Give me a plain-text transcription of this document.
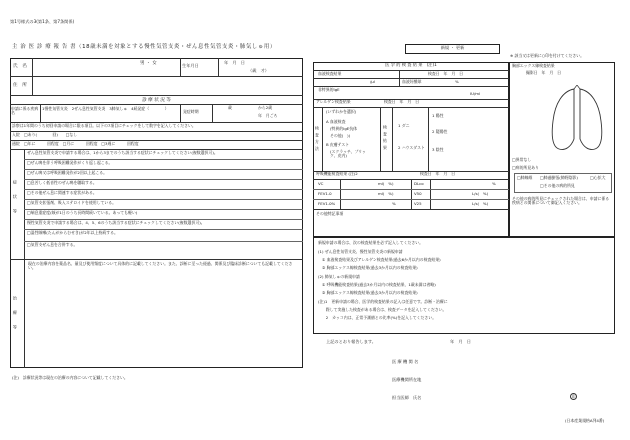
第1号様式の3(第1条、第7条関係)
主 治 医 診 療 報 告 書（18歳未満を対象とする慢性気管支炎・ぜん息性気管支炎・肺気しゅ用）	新規 ・ 更新
※ 該当又は更新に○印を付けてください。
氏　名
男 ・ 女	生年月日
年　月　日
（歳　才）
住　所
診 療 状 況 等
申請に係る疾病名
1慢性気管支炎　2ぜん息性気管支炎　3肺気しゅ　4続発症（　　　　）
発症時期
歳	から2歳
年　月ごろ
診察は1年間のうち初回申請の場合に限る項目。以下の7項目にチェックをして数字を記入してください。
入院 □あり(　　　　回)　　□なし
通院 □年に　　　回程度　□月に　　　回程度　□3週に　　　回程度
症　状　等
ぜん息性気管支炎で申請する場合は、1から3までのうち該当する症状にチェックしてください(複数選択可)。
□ぜん鳴を伴う呼吸困難発作がくり返し起こる。
□ぜん鳴又は呼吸困難発作が2回以上起こる。
□息苦しく低音性のぜん鳴を聴取する。
□その他ぜん息に関連する症状がある。
□気管支拡張剤、吸入ステロイドを使用している。
□喘息重症度(咳が1日のうち長時間続いている。あっても軽い)
慢性気管支炎で申請する場合は、4、5、6のうち該当する症状にチェックしてください(複数選択可)。
□湿性咳嗽(たんがからむせき)が2年以上持続する。
□気管支ぜん息を合併する。
治　療　等
現在の治療内容を薬品名、量及び使用頻度について具体的に記載してください。また、診断に至った経過、関係及び臨床診断についても記載してください。
(注)　診療状況等は現在の治療の内容について記載してください。
医 学 的 検 査 結 果　(注)1
血液検査結果	検査日　年　月　日
/μl	血液好酸球	%
非特異的IgE
IU/ml
アレルゲン検査結果	検査日　年　月　日
検査方法
(いずれかを選択)
A 血液検査
(特異的IgE抗体
その他(　))
B 皮膚テスト
(スクラッチ、プリック、皮内)
検査結果 1 ダニ
2 ハウスダスト
1 陽性
2 疑陽性
3 陰性
呼吸機能検査結果 (注)2	検査日　年　月　日
VC	ml(　%)	DLco	%
FEV1.0	ml(　%)	V50	L/s(　%)
FEV1.0%	%	V25	L/s(　%)
その他特記事項
胸部エックス線検査結果
撮影日　年　月　日
□異常なし
□病的所見あり
□肺線維 □肺過膨張(肺野陰影)	□心拡大
□その他の病的所見
その他の病的所見にチェックされた場合は、申請に係る疾病との関係について御記入ください。
新規申請の場合は、次の検査結果を必ず記入してください。
(1) ぜん息性気管支炎、慢性気管支炎の新規申請
　① 血液検査結果及びアレルゲン検査結果(過去6か月以内の検査結果)
　② 胸部エックス線検査結果(過去3か月以内の検査結果)
(2) 肺気しゅの新規申請
　① 呼吸機能検査結果(過去3か月以内の検査結果、1歳未満は省略)
　② 胸部エックス線検査結果(過去3か月以内の検査結果)
(注)1　更新申請の場合、医学的検査結果の記入は任意です。診断・治療に
　　際して実施した検査がある場合は、検査データを記入してください。
　　2　カッコ内は、正常予測値との比率(%)を記入してください。
上記のとおり報告します。	年　月　日
医 療 機 関 名
医療機関所在地
担当医師　氏名	印
(日本産業規格A列4番)
